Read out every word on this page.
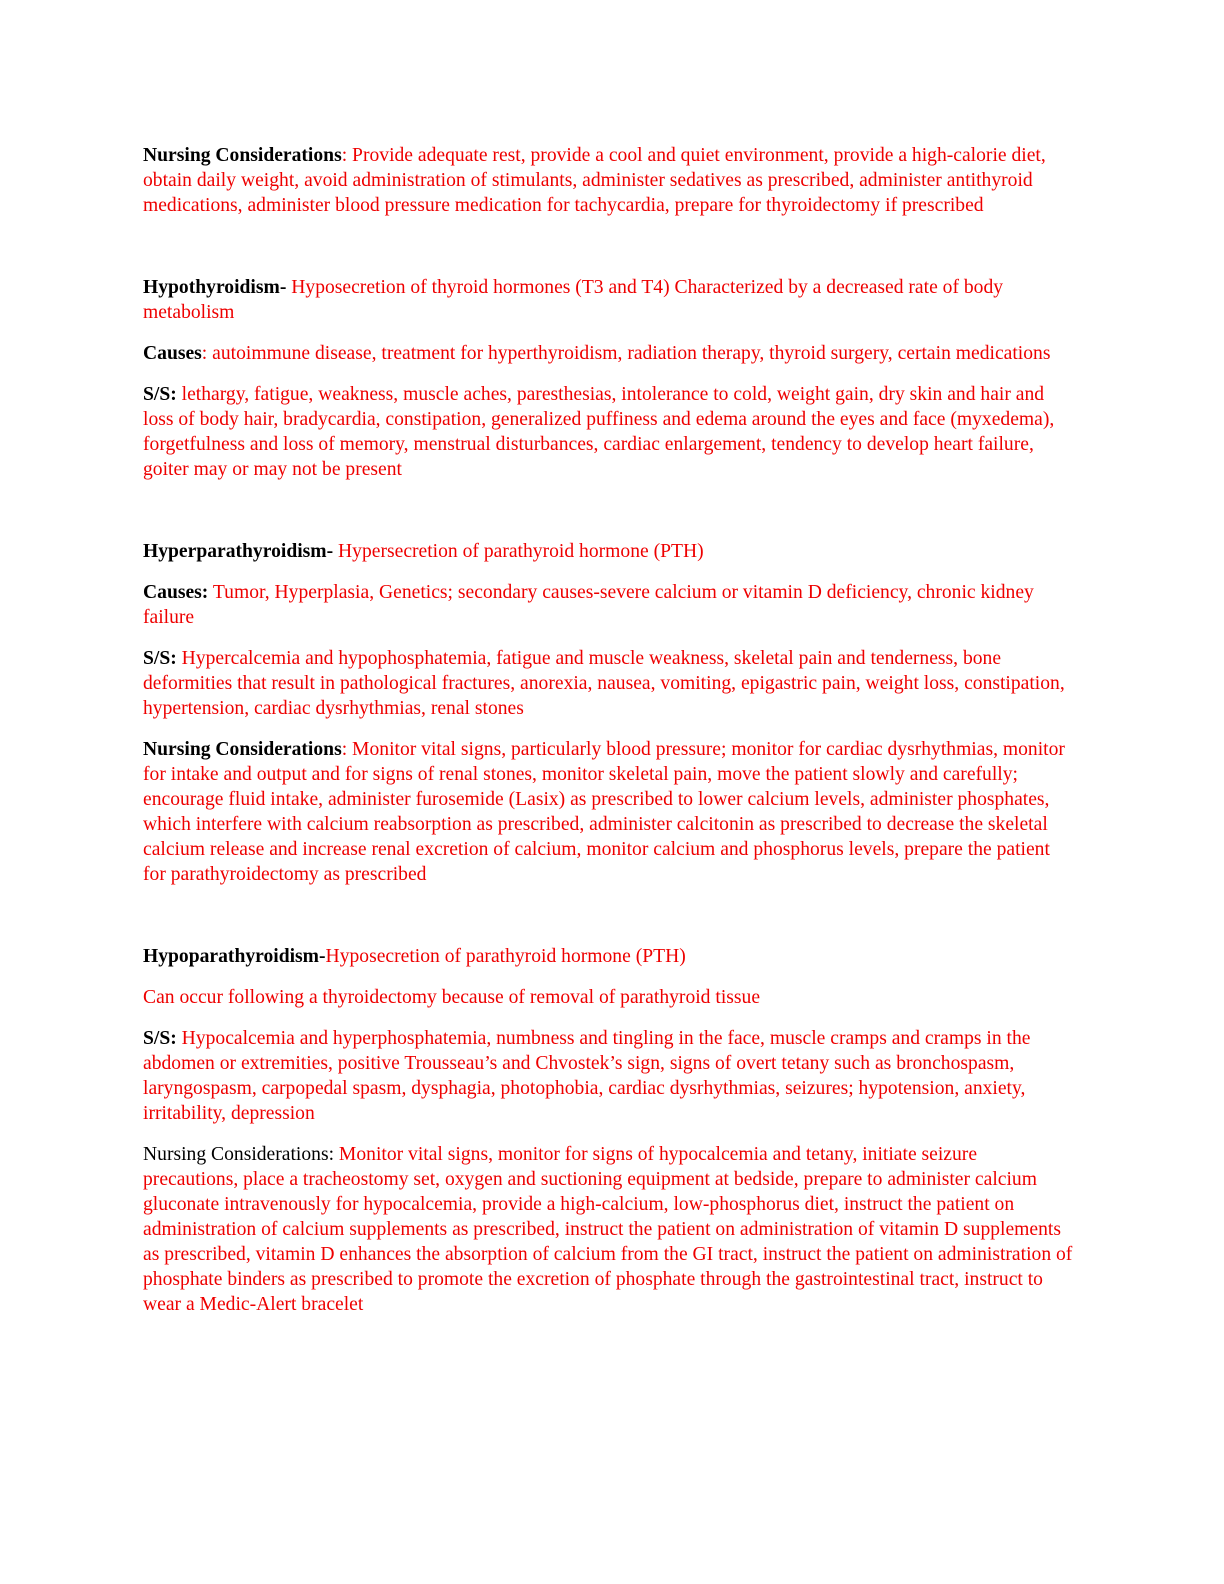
Nursing Considerations: Provide adequate rest, provide a cool and quiet environment, provide a high-calorie diet, obtain daily weight, avoid administration of stimulants, administer sedatives as prescribed, administer antithyroid medications, administer blood pressure medication for tachycardia, prepare for thyroidectomy if prescribed

Hypothyroidism- Hyposecretion of thyroid hormones (T3 and T4) Characterized by a decreased rate of body metabolism

Causes: autoimmune disease, treatment for hyperthyroidism, radiation therapy, thyroid surgery, certain medications

S/S: lethargy, fatigue, weakness, muscle aches, paresthesias, intolerance to cold, weight gain, dry skin and hair and loss of body hair, bradycardia, constipation, generalized puffiness and edema around the eyes and face (myxedema), forgetfulness and loss of memory, menstrual disturbances, cardiac enlargement, tendency to develop heart failure, goiter may or may not be present

Hyperparathyroidism- Hypersecretion of parathyroid hormone (PTH)

Causes: Tumor, Hyperplasia, Genetics; secondary causes-severe calcium or vitamin D deficiency, chronic kidney failure

S/S: Hypercalcemia and hypophosphatemia, fatigue and muscle weakness, skeletal pain and tenderness, bone deformities that result in pathological fractures, anorexia, nausea, vomiting, epigastric pain, weight loss, constipation, hypertension, cardiac dysrhythmias, renal stones

Nursing Considerations: Monitor vital signs, particularly blood pressure; monitor for cardiac dysrhythmias, monitor for intake and output and for signs of renal stones, monitor skeletal pain, move the patient slowly and carefully; encourage fluid intake, administer furosemide (Lasix) as prescribed to lower calcium levels, administer phosphates, which interfere with calcium reabsorption as prescribed, administer calcitonin as prescribed to decrease the skeletal calcium release and increase renal excretion of calcium, monitor calcium and phosphorus levels, prepare the patient for parathyroidectomy as prescribed

Hypoparathyroidism-Hyposecretion of parathyroid hormone (PTH)

Can occur following a thyroidectomy because of removal of parathyroid tissue

S/S: Hypocalcemia and hyperphosphatemia, numbness and tingling in the face, muscle cramps and cramps in the abdomen or extremities, positive Trousseau’s and Chvostek’s sign, signs of overt tetany such as bronchospasm, laryngospasm, carpopedal spasm, dysphagia, photophobia, cardiac dysrhythmias, seizures; hypotension, anxiety, irritability, depression

Nursing Considerations: Monitor vital signs, monitor for signs of hypocalcemia and tetany, initiate seizure precautions, place a tracheostomy set, oxygen and suctioning equipment at bedside, prepare to administer calcium gluconate intravenously for hypocalcemia, provide a high-calcium, low-phosphorus diet, instruct the patient on administration of calcium supplements as prescribed, instruct the patient on administration of vitamin D supplements as prescribed, vitamin D enhances the absorption of calcium from the GI tract, instruct the patient on administration of phosphate binders as prescribed to promote the excretion of phosphate through the gastrointestinal tract, instruct to wear a Medic-Alert bracelet
